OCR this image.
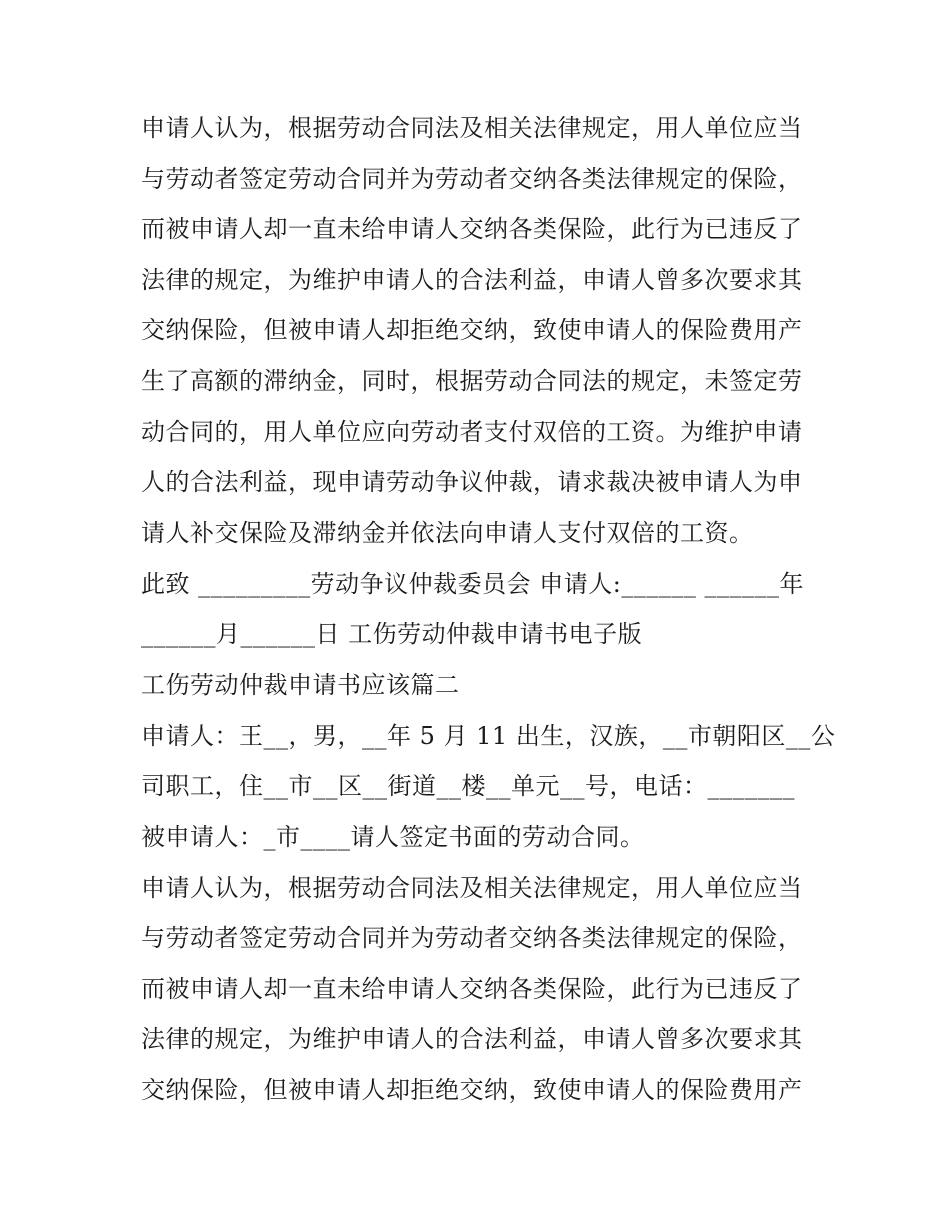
申请人认为，根据劳动合同法及相关法律规定，用人单位应当
与劳动者签定劳动合同并为劳动者交纳各类法律规定的保险，
而被申请人却一直未给申请人交纳各类保险，此行为已违反了
法律的规定，为维护申请人的合法利益，申请人曾多次要求其
交纳保险，但被申请人却拒绝交纳，致使申请人的保险费用产
生了高额的滞纳金，同时，根据劳动合同法的规定，未签定劳
动合同的，用人单位应向劳动者支付双倍的工资。为维护申请
人的合法利益，现申请劳动争议仲裁，请求裁决被申请人为申
请人补交保险及滞纳金并依法向申请人支付双倍的工资。
此致 _________劳动争议仲裁委员会 申请人:______ ______年
______月______日 工伤劳动仲裁申请书电子版
工伤劳动仲裁申请书应该篇二
申请人：王__，男，__年 5 月 11 出生，汉族，__市朝阳区__公
司职工，住__市__区__街道__楼__单元__号，电话：_______
被申请人：_市____请人签定书面的劳动合同。
申请人认为，根据劳动合同法及相关法律规定，用人单位应当
与劳动者签定劳动合同并为劳动者交纳各类法律规定的保险，
而被申请人却一直未给申请人交纳各类保险，此行为已违反了
法律的规定，为维护申请人的合法利益，申请人曾多次要求其
交纳保险，但被申请人却拒绝交纳，致使申请人的保险费用产
